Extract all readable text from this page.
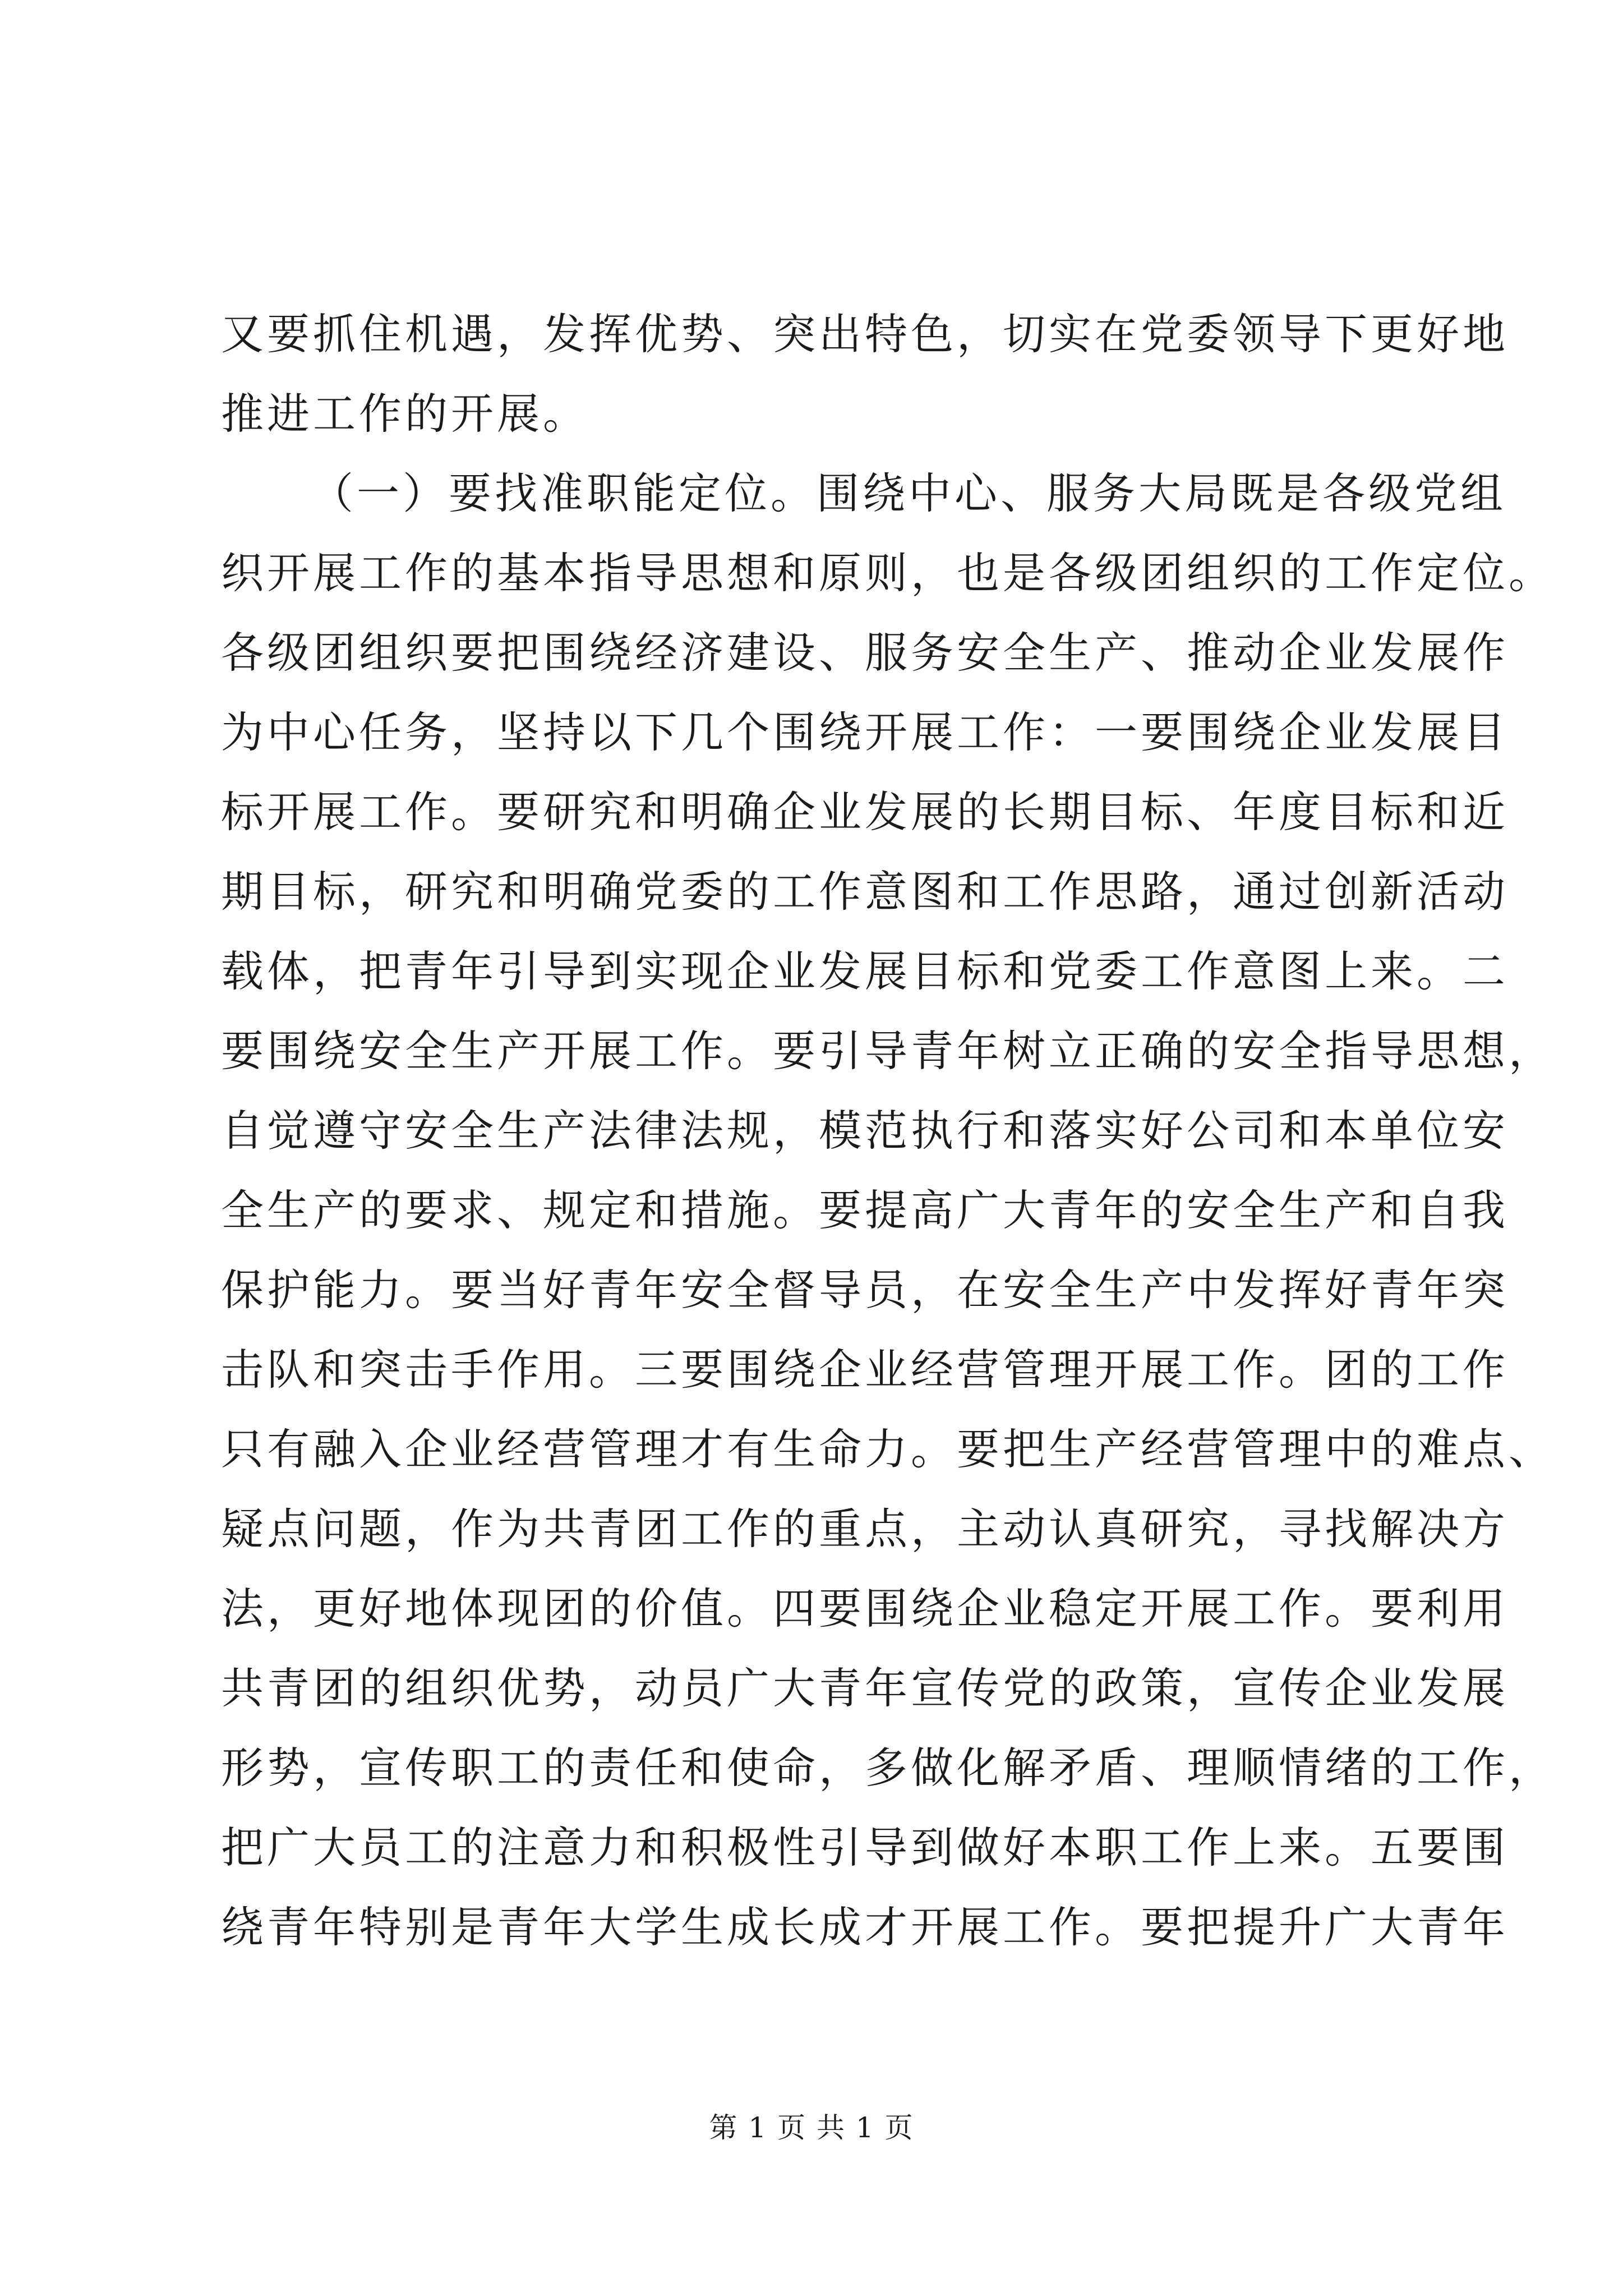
又要抓住机遇，发挥优势、突出特色，切实在党委领导下更好地
推进工作的开展。
（一）要找准职能定位。围绕中心、服务大局既是各级党组
织开展工作的基本指导思想和原则，也是各级团组织的工作定位。
各级团组织要把围绕经济建设、服务安全生产、推动企业发展作
为中心任务，坚持以下几个围绕开展工作：一要围绕企业发展目
标开展工作。要研究和明确企业发展的长期目标、年度目标和近
期目标，研究和明确党委的工作意图和工作思路，通过创新活动
载体，把青年引导到实现企业发展目标和党委工作意图上来。二
要围绕安全生产开展工作。要引导青年树立正确的安全指导思想，
自觉遵守安全生产法律法规，模范执行和落实好公司和本单位安
全生产的要求、规定和措施。要提高广大青年的安全生产和自我
保护能力。要当好青年安全督导员，在安全生产中发挥好青年突
击队和突击手作用。三要围绕企业经营管理开展工作。团的工作
只有融入企业经营管理才有生命力。要把生产经营管理中的难点、
疑点问题，作为共青团工作的重点，主动认真研究，寻找解决方
法，更好地体现团的价值。四要围绕企业稳定开展工作。要利用
共青团的组织优势，动员广大青年宣传党的政策，宣传企业发展
形势，宣传职工的责任和使命，多做化解矛盾、理顺情绪的工作，
把广大员工的注意力和积极性引导到做好本职工作上来。五要围
绕青年特别是青年大学生成长成才开展工作。要把提升广大青年
第 1 页 共 1 页
